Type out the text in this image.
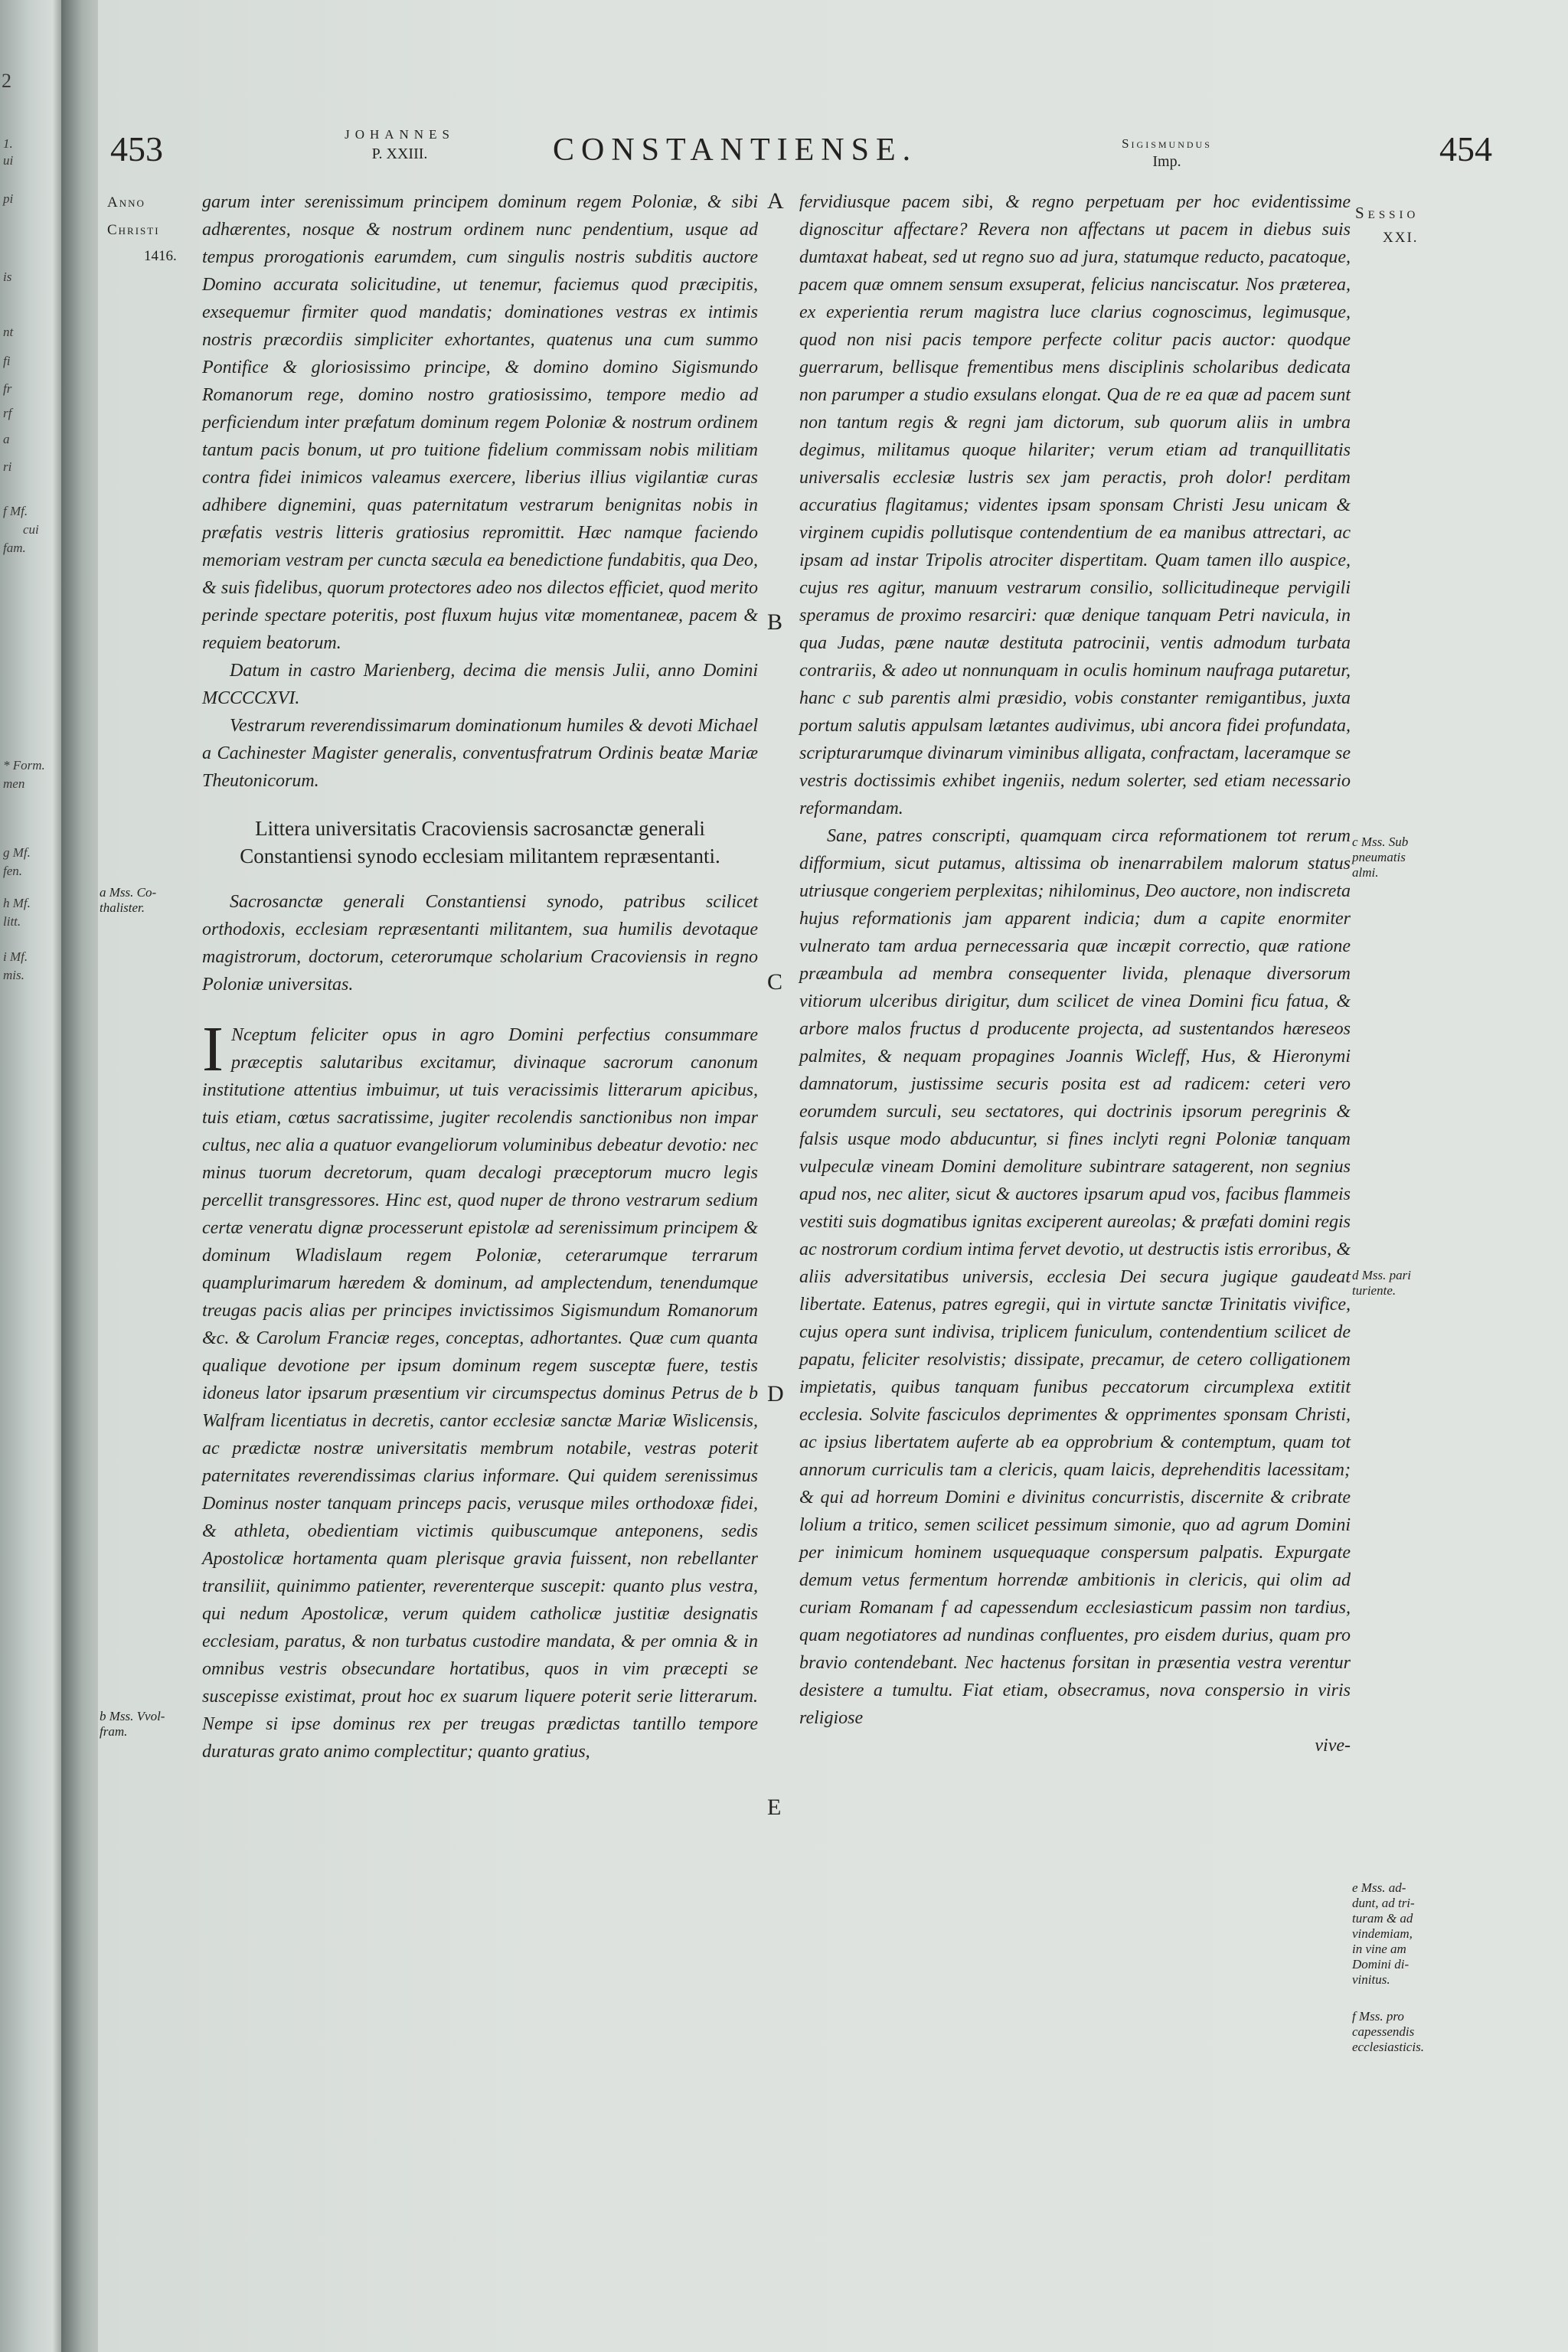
2
1.
ui
pi
is
nt
fi
fr
rf
a
ri
f Mf.
cui
fam.
* Form.
men
g Mf.
fen.
h Mf.
litt.
i Mf.
mis.
453	JOHANNES
P. XXIII.	CONSTANTIENSE.	Sigismundus
Imp.	454
Anno
Christi
1416.
Sessio
XXI.
A
B
C
D
E
a Mss. Co-
thalister.
b Mss. Vvol-
fram.
c Mss. Sub
pneumatis
almi.
d Mss. pari
turiente.
e Mss. ad-
dunt, ad tri-
turam & ad
vindemiam,
in vine am
Domini di-
vinitus.
f Mss. pro
capessendis
ecclesiasticis.

garum inter serenissimum principem dominum regem Poloniæ, & sibi adhærentes, nosque & nostrum ordinem nunc pendentium, usque ad tempus prorogationis earumdem, cum singulis nostris subditis auctore Domino accurata solicitudine, ut tenemur, faciemus quod præcipitis, exsequemur firmiter quod mandatis; dominationes vestras ex intimis nostris præcordiis simpliciter exhortantes, quatenus una cum summo Pontifice & gloriosissimo principe, & domino domino Sigismundo Romanorum rege, domino nostro gratiosissimo, tempore medio ad perficiendum inter præfatum dominum regem Poloniæ & nostrum ordinem tantum pacis bonum, ut pro tuitione fidelium commissam nobis militiam contra fidei inimicos valeamus exercere, liberius illius vigilantiæ curas adhibere dignemini, quas paternitatum vestrarum benignitas nobis in præfatis vestris litteris gratiosius repromittit. Hæc namque faciendo memoriam vestram per cuncta sæcula ea benedictione fundabitis, qua Deo, & suis fidelibus, quorum protectores adeo nos dilectos efficiet, quod merito perinde spectare poteritis, post fluxum hujus vitæ momentaneæ, pacem & requiem beatorum.

Datum in castro Marienberg, decima die mensis Julii, anno Domini MCCCCXVI.

Vestrarum reverendissimarum dominationum humiles & devoti Michael a Cachinester Magister generalis, conventusfratrum Ordinis beatæ Mariæ Theutonicorum.

Littera universitatis Cracoviensis sacrosanctæ generali Constantiensi synodo ecclesiam militantem repræsentanti.

Sacrosanctæ generali Constantiensi synodo, patribus scilicet orthodoxis, ecclesiam repræsentanti militantem, sua humilis devotaque magistrorum, doctorum, ceterorumque scholarium Cracoviensis in regno Poloniæ universitas.

I Nceptum feliciter opus in agro Domini perfectius consummare præceptis salutaribus excitamur, divinaque sacrorum canonum institutione attentius imbuimur, ut tuis veracissimis litterarum apicibus, tuis etiam, cœtus sacratissime, jugiter recolendis sanctionibus non impar cultus, nec alia a quatuor evangeliorum voluminibus debeatur devotio: nec minus tuorum decretorum, quam decalogi præceptorum mucro legis percellit transgressores. Hinc est, quod nuper de throno vestrarum sedium certæ veneratu dignæ processerunt epistolæ ad serenissimum principem & dominum Wladislaum regem Poloniæ, ceterarumque terrarum quamplurimarum hæredem & dominum, ad amplectendum, tenendumque treugas pacis alias per principes invictissimos Sigismundum Romanorum &c. & Carolum Franciæ reges, conceptas, adhortantes. Quæ cum quanta qualique devotione per ipsum dominum regem susceptæ fuere, testis idoneus lator ipsarum præsentium vir circumspectus dominus Petrus de b Walfram licentiatus in decretis, cantor ecclesiæ sanctæ Mariæ Wislicensis, ac prædictæ nostræ universitatis membrum notabile, vestras poterit paternitates reverendissimas clarius informare. Qui quidem serenissimus Dominus noster tanquam princeps pacis, verusque miles orthodoxæ fidei, & athleta, obedientiam victimis quibuscumque anteponens, sedis Apostolicæ hortamenta quam plerisque gravia fuissent, non rebellanter transiliit, quinimmo patienter, reverenterque suscepit: quanto plus vestra, qui nedum Apostolicæ, verum quidem catholicæ justitiæ designatis ecclesiam, paratus, & non turbatus custodire mandata, & per omnia & in omnibus vestris obsecundare hortatibus, quos in vim præcepti se suscepisse existimat, prout hoc ex suarum liquere poterit serie litterarum. Nempe si ipse dominus rex per treugas prædictas tantillo tempore duraturas grato animo complectitur; quanto gratius,

fervidiusque pacem sibi, & regno perpetuam per hoc evidentissime dignoscitur affectare? Revera non affectans ut pacem in diebus suis dumtaxat habeat, sed ut regno suo ad jura, statumque reducto, pacatoque, pacem quæ omnem sensum exsuperat, felicius nanciscatur. Nos præterea, ex experientia rerum magistra luce clarius cognoscimus, legimusque, quod non nisi pacis tempore perfecte colitur pacis auctor: quodque guerrarum, bellisque frementibus mens disciplinis scholaribus dedicata non parumper a studio exsulans elongat. Qua de re ea quæ ad pacem sunt non tantum regis & regni jam dictorum, sub quorum aliis in umbra degimus, militamus quoque hilariter; verum etiam ad tranquillitatis universalis ecclesiæ lustris sex jam peractis, proh dolor! perditam accuratius flagitamus; videntes ipsam sponsam Christi Jesu unicam & virginem cupidis pollutisque contendentium de ea manibus attrectari, ac ipsam ad instar Tripolis atrociter dispertitam. Quam tamen illo auspice, cujus res agitur, manuum vestrarum consilio, sollicitudineque pervigili speramus de proximo resarciri: quæ denique tanquam Petri navicula, in qua Judas, pæne nautæ destituta patrocinii, ventis admodum turbata contrariis, & adeo ut nonnunquam in oculis hominum naufraga putaretur, hanc c sub parentis almi præsidio, vobis constanter remigantibus, juxta portum salutis appulsam lætantes audivimus, ubi ancora fidei profundata, scripturarumque divinarum viminibus alligata, confractam, laceramque se vestris doctissimis exhibet ingeniis, nedum solerter, sed etiam necessario reformandam.

Sane, patres conscripti, quamquam circa reformationem tot rerum difformium, sicut putamus, altissima ob inenarrabilem malorum status utriusque congeriem perplexitas; nihilominus, Deo auctore, non indiscreta hujus reformationis jam apparent indicia; dum a capite enormiter vulnerato tam ardua pernecessaria quæ incæpit correctio, quæ ratione præambula ad membra consequenter livida, plenaque diversorum vitiorum ulceribus dirigitur, dum scilicet de vinea Domini ficu fatua, & arbore malos fructus d producente projecta, ad sustentandos hæreseos palmites, & nequam propagines Joannis Wicleff, Hus, & Hieronymi damnatorum, justissime securis posita est ad radicem: ceteri vero eorumdem surculi, seu sectatores, qui doctrinis ipsorum peregrinis & falsis usque modo abducuntur, si fines inclyti regni Poloniæ tanquam vulpeculæ vineam Domini demoliture subintrare satagerent, non segnius apud nos, nec aliter, sicut & auctores ipsarum apud vos, facibus flammeis vestiti suis dogmatibus ignitas exciperent aureolas; & præfati domini regis ac nostrorum cordium intima fervet devotio, ut destructis istis erroribus, & aliis adversitatibus universis, ecclesia Dei secura jugique gaudeat libertate. Eatenus, patres egregii, qui in virtute sanctæ Trinitatis vivifice, cujus opera sunt indivisa, triplicem funiculum, contendentium scilicet de papatu, feliciter resolvistis; dissipate, precamur, de cetero colligationem impietatis, quibus tanquam funibus peccatorum circumplexa extitit ecclesia. Solvite fasciculos deprimentes & opprimentes sponsam Christi, ac ipsius libertatem auferte ab ea opprobrium & contemptum, quam tot annorum curriculis tam a clericis, quam laicis, deprehenditis lacessitam; & qui ad horreum Domini e divinitus concurristis, discernite & cribrate lolium a tritico, semen scilicet pessimum simonie, quo ad agrum Domini per inimicum hominem usquequaque conspersum palpatis. Expurgate demum vetus fermentum horrendæ ambitionis in clericis, qui olim ad curiam Romanam f ad capessendum ecclesiasticum passim non tardius, quam negotiatores ad nundinas confluentes, pro eisdem durius, quam pro bravio contendebant. Nec hactenus forsitan in præsentia vestra verentur desistere a tumultu. Fiat etiam, obsecramus, nova conspersio in viris religiose

vive-
